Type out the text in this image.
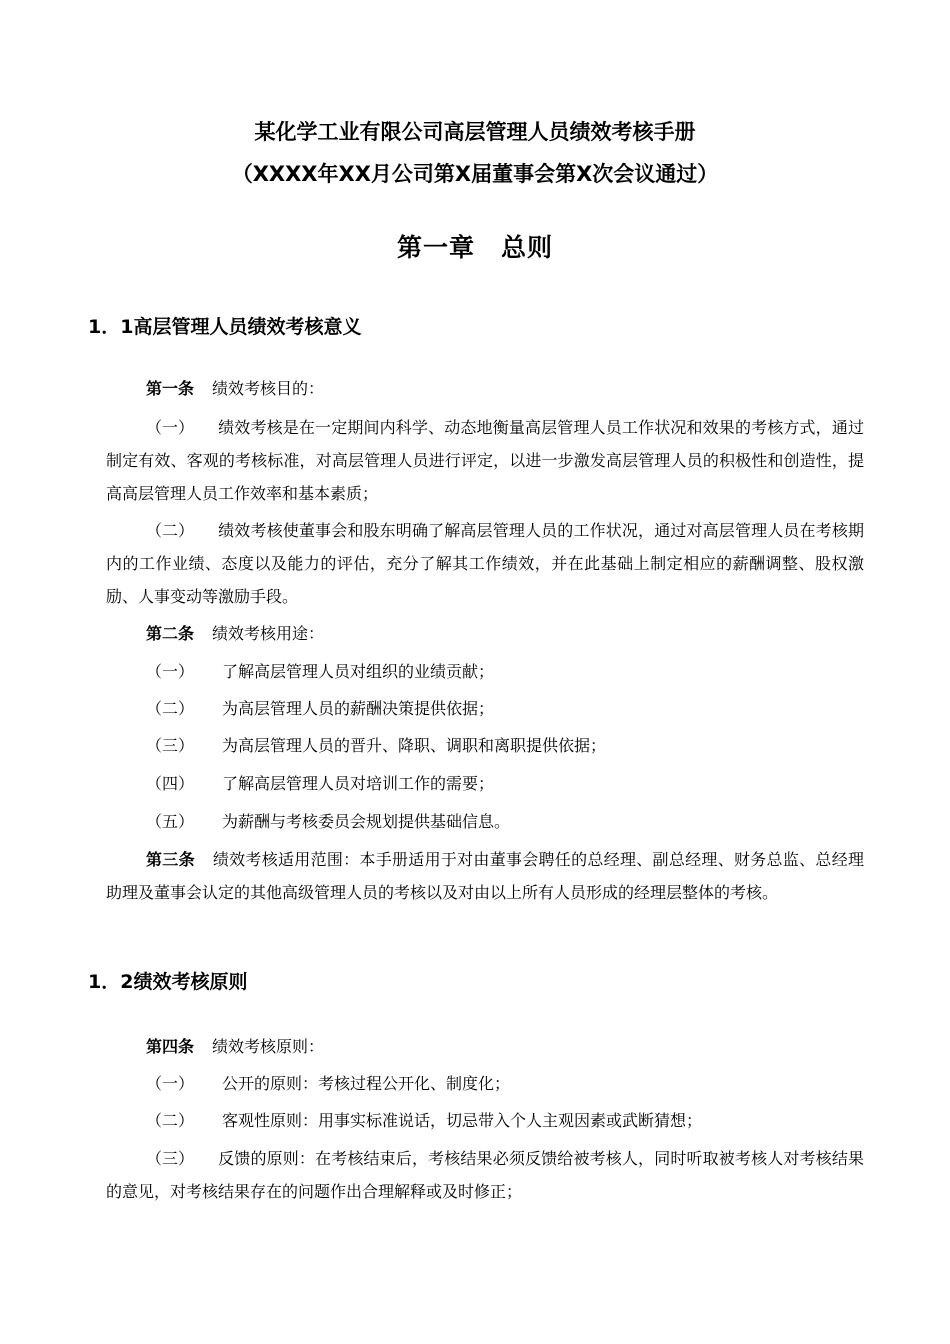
某化学工业有限公司高层管理人员绩效考核手册
（XXXX年XX月公司第X届董事会第X次会议通过）
第一章　总则
1．1高层管理人员绩效考核意义
第一条 绩效考核目的：
（一） 绩效考核是在一定期间内科学、动态地衡量高层管理人员工作状况和效果的考核方式，通过制定有效、客观的考核标准，对高层管理人员进行评定，以进一步激发高层管理人员的积极性和创造性，提高高层管理人员工作效率和基本素质；
（二） 绩效考核使董事会和股东明确了解高层管理人员的工作状况，通过对高层管理人员在考核期内的工作业绩、态度以及能力的评估，充分了解其工作绩效，并在此基础上制定相应的薪酬调整、股权激励、人事变动等激励手段。
第二条 绩效考核用途：
（一） 了解高层管理人员对组织的业绩贡献；
（二） 为高层管理人员的薪酬决策提供依据；
（三） 为高层管理人员的晋升、降职、调职和离职提供依据；
（四） 了解高层管理人员对培训工作的需要；
（五） 为薪酬与考核委员会规划提供基础信息。
第三条 绩效考核适用范围：本手册适用于对由董事会聘任的总经理、副总经理、财务总监、总经理助理及董事会认定的其他高级管理人员的考核以及对由以上所有人员形成的经理层整体的考核。
1．2绩效考核原则
第四条 绩效考核原则：
（一） 公开的原则：考核过程公开化、制度化；
（二） 客观性原则：用事实标准说话，切忌带入个人主观因素或武断猜想；
（三） 反馈的原则：在考核结束后，考核结果必须反馈给被考核人，同时听取被考核人对考核结果的意见，对考核结果存在的问题作出合理解释或及时修正；
